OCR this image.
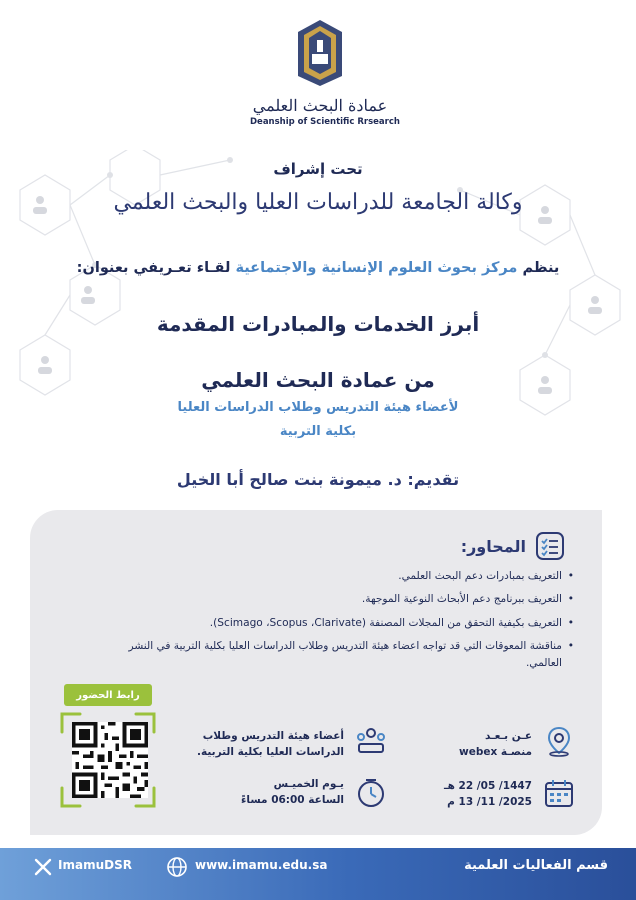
عمادة البحث العلمي
Deanship of Scientific Rrsearch
تحت إشراف
وكالة الجامعة للدراسات العليا والبحث العلمي
ينظم مركز بحوث العلوم الإنسانية والاجتماعية لقـاء تعـريفي بعنوان:
أبرز الخدمات والمبادرات المقدمة
من عمادة البحث العلمي
لأعضاء هيئة التدريس وطلاب الدراسات العليا
بكلية التربية
تقديم: د. ميمونة بنت صالح أبا الخيل
المحاور:
• التعريف بمبادرات دعم البحث العلمي.
• التعريف ببرنامج دعم الأبحاث النوعية الموجهة.
• التعريف بكيفية التحقق من المجلات المصنفة (Scimago ،Scopus ،Clarivate).
• مناقشة المعوقات التي قد تواجه اعضاء هيئة التدريس وطلاب الدراسات العليا بكلية التربية في النشر العالمي.
رابط الحضور
عـن بـعـد
منصـة webex
1447/ 05/ 22 هـ
2025/ 11/ 13 م
أعضاء هيئة التدريس وطلاب
الدراسات العليا بكلية التربية.
يـوم الخميـس
الساعة 06:00 مساءً
قسم الفعاليات العلمية
www.imamu.edu.sa
ImamuDSR
